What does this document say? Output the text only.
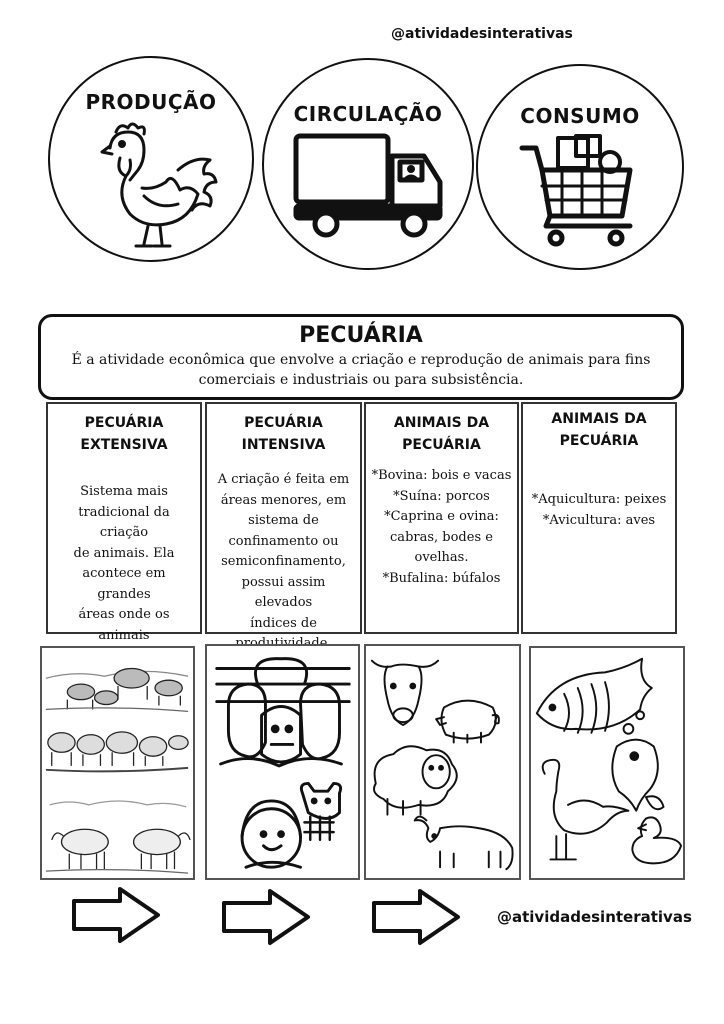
@atividadesinterativas
PRODUÇÃO	CIRCULAÇÃO	CONSUMO
PECUÁRIA
É a atividade econômica que envolve a criação e reprodução de animais para fins comerciais e industriais ou para subsistência.
PECUÁRIA
EXTENSIVA
Sistema mais
tradicional da criação
de animais. Ela
acontece em grandes
áreas onde os animais
PECUÁRIA
INTENSIVA
A criação é feita em
áreas menores, em
sistema de
confinamento ou
semiconfinamento,
possui assim elevados
índices de
ANIMAIS DA
PECUÁRIA
*Bovina: bois e vacas
*Suína: porcos
*Caprina e ovina:
cabras, bodes e ovelhas.
*Bufalina: búfalos
ANIMAIS DA
PECUÁRIA
*Aquicultura: peixes
*Avicultura: aves
@atividadesinterativas
